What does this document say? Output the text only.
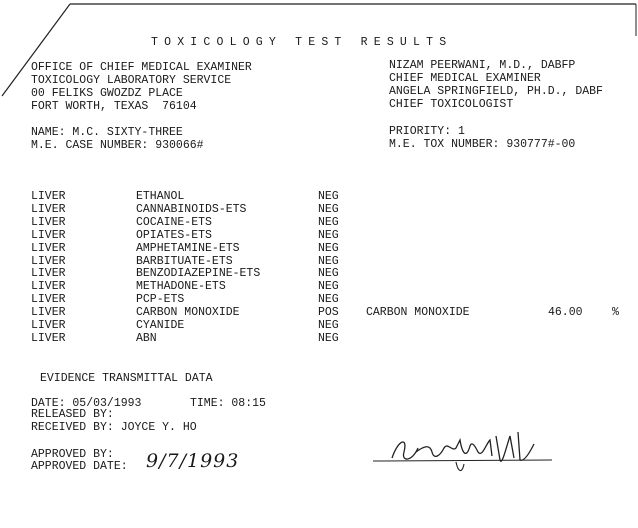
TOXICOLOGY TEST RESULTS
OFFICE OF CHIEF MEDICAL EXAMINER
TOXICOLOGY LABORATORY SERVICE
00 FELIKS GWOZDZ PLACE
FORT WORTH, TEXAS  76104
NIZAM PEERWANI, M.D., DABFP
CHIEF MEDICAL EXAMINER
ANGELA SPRINGFIELD, PH.D., DABF
CHIEF TOXICOLOGIST
NAME: M.C. SIXTY-THREE
M.E. CASE NUMBER: 930066#
PRIORITY: 1
M.E. TOX NUMBER: 930777#-00
LIVER	ETHANOL	NEG
LIVER	CANNABINOIDS-ETS	NEG
LIVER	COCAINE-ETS	NEG
LIVER	OPIATES-ETS	NEG
LIVER	AMPHETAMINE-ETS	NEG
LIVER	BARBITUATE-ETS	NEG
LIVER	BENZODIAZEPINE-ETS	NEG
LIVER	METHADONE-ETS	NEG
LIVER	PCP-ETS	NEG
LIVER	CARBON MONOXIDE	POS CARBON MONOXIDE	46.00	%
LIVER	CYANIDE	NEG
LIVER	ABN	NEG
EVIDENCE TRANSMITTAL DATA
DATE: 05/03/1993	TIME: 08:15
RELEASED BY:
RECEIVED BY: JOYCE Y. HO
APPROVED BY:
APPROVED DATE: 9/7/1993
